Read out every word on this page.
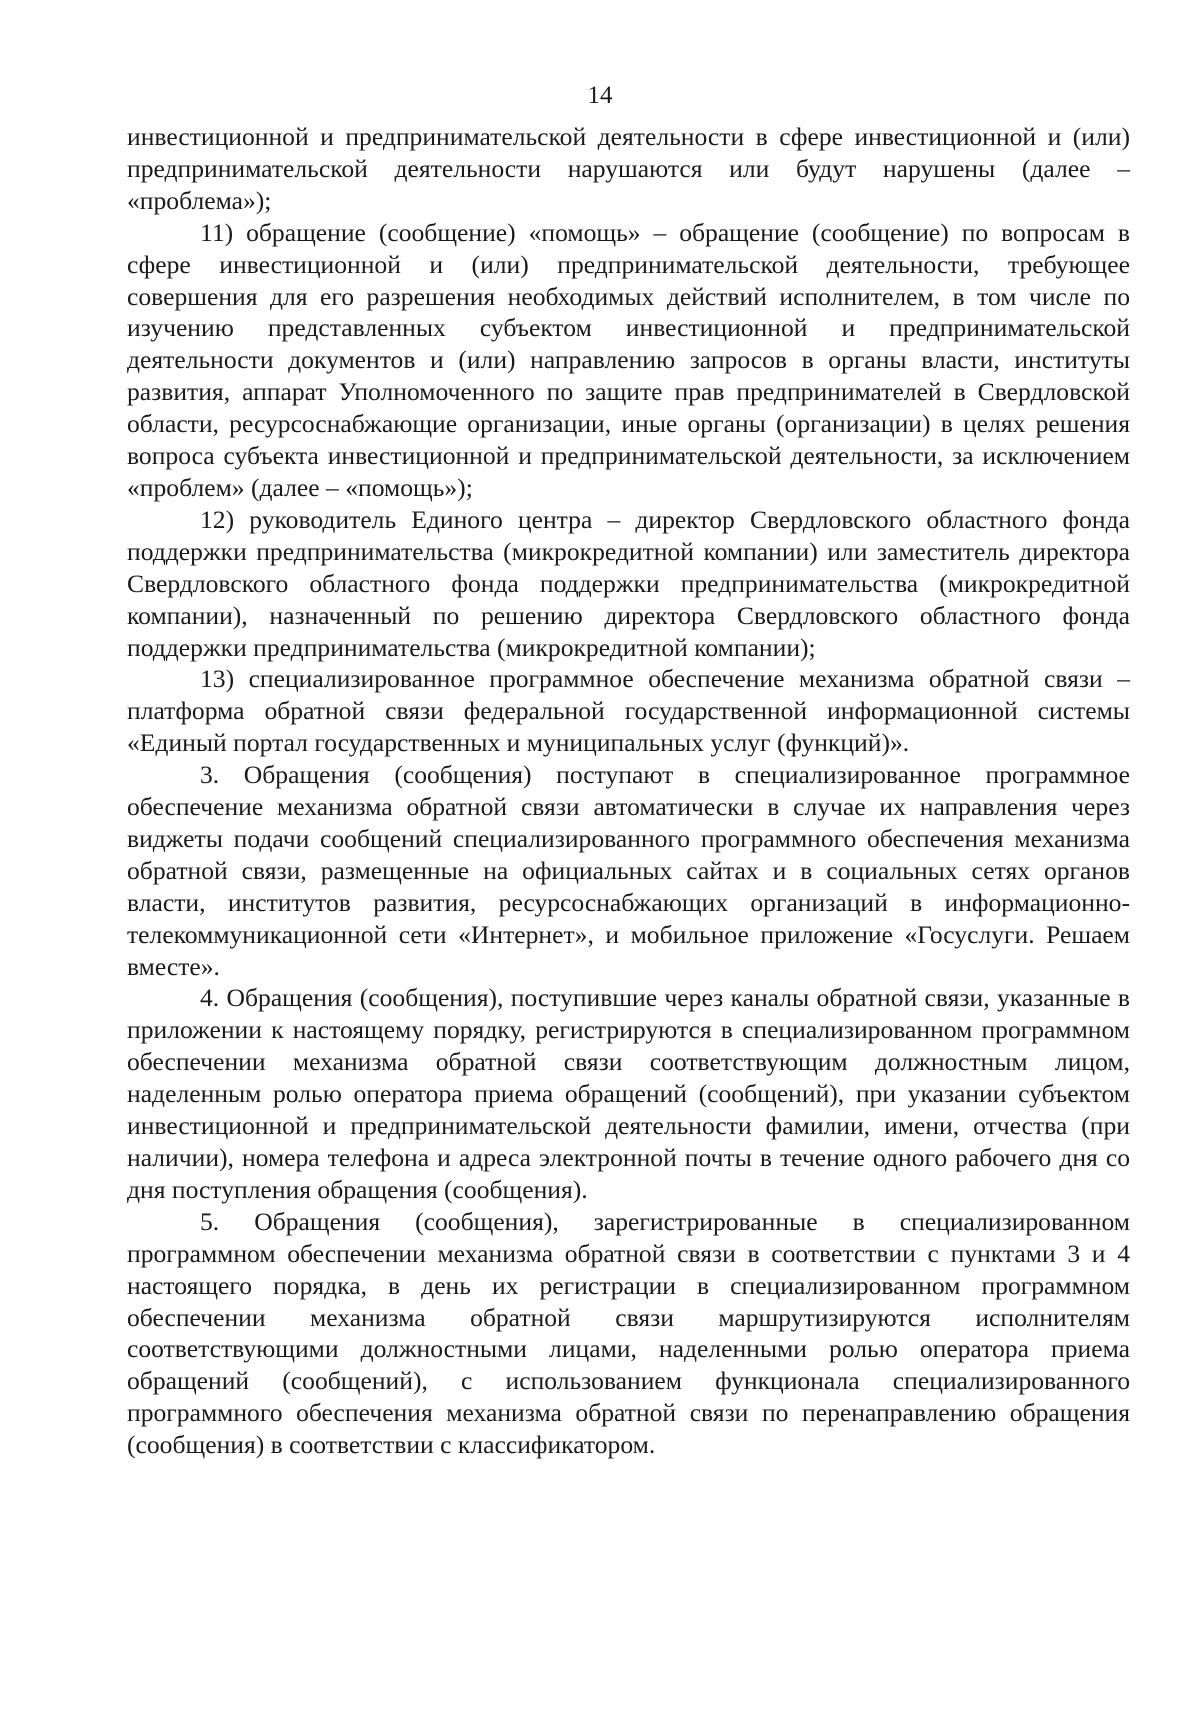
14

инвестиционной и предпринимательской деятельности в сфере инвестиционной и (или) предпринимательской деятельности нарушаются или будут нарушены (далее – «проблема»);

11) обращение (сообщение) «помощь» – обращение (сообщение) по вопросам в сфере инвестиционной и (или) предпринимательской деятельности, требующее совершения для его разрешения необходимых действий исполнителем, в том числе по изучению представленных субъектом инвестиционной и предпринимательской деятельности документов и (или) направлению запросов в органы власти, институты развития, аппарат Уполномоченного по защите прав предпринимателей в Свердловской области, ресурсоснабжающие организации, иные органы (организации) в целях решения вопроса субъекта инвестиционной и предпринимательской деятельности, за исключением «проблем» (далее – «помощь»);

12) руководитель Единого центра – директор Свердловского областного фонда поддержки предпринимательства (микрокредитной компании) или заместитель директора Свердловского областного фонда поддержки предпринимательства (микрокредитной компании), назначенный по решению директора Свердловского областного фонда поддержки предпринимательства (микрокредитной компании);

13) специализированное программное обеспечение механизма обратной связи – платформа обратной связи федеральной государственной информационной системы «Единый портал государственных и муниципальных услуг (функций)».

3. Обращения (сообщения) поступают в специализированное программное обеспечение механизма обратной связи автоматически в случае их направления через виджеты подачи сообщений специализированного программного обеспечения механизма обратной связи, размещенные на официальных сайтах и в социальных сетях органов власти, институтов развития, ресурсоснабжающих организаций в информационно-телекоммуникационной сети «Интернет», и мобильное приложение «Госуслуги. Решаем вместе».

4. Обращения (сообщения), поступившие через каналы обратной связи, указанные в приложении к настоящему порядку, регистрируются в специализированном программном обеспечении механизма обратной связи соответствующим должностным лицом, наделенным ролью оператора приема обращений (сообщений), при указании субъектом инвестиционной и предпринимательской деятельности фамилии, имени, отчества (при наличии), номера телефона и адреса электронной почты в течение одного рабочего дня со дня поступления обращения (сообщения).

5. Обращения (сообщения), зарегистрированные в специализированном программном обеспечении механизма обратной связи в соответствии с пунктами 3 и 4 настоящего порядка, в день их регистрации в специализированном программном обеспечении механизма обратной связи маршрутизируются исполнителям соответствующими должностными лицами, наделенными ролью оператора приема обращений (сообщений), с использованием функционала специализированного программного обеспечения механизма обратной связи по перенаправлению обращения (сообщения) в соответствии с классификатором.
